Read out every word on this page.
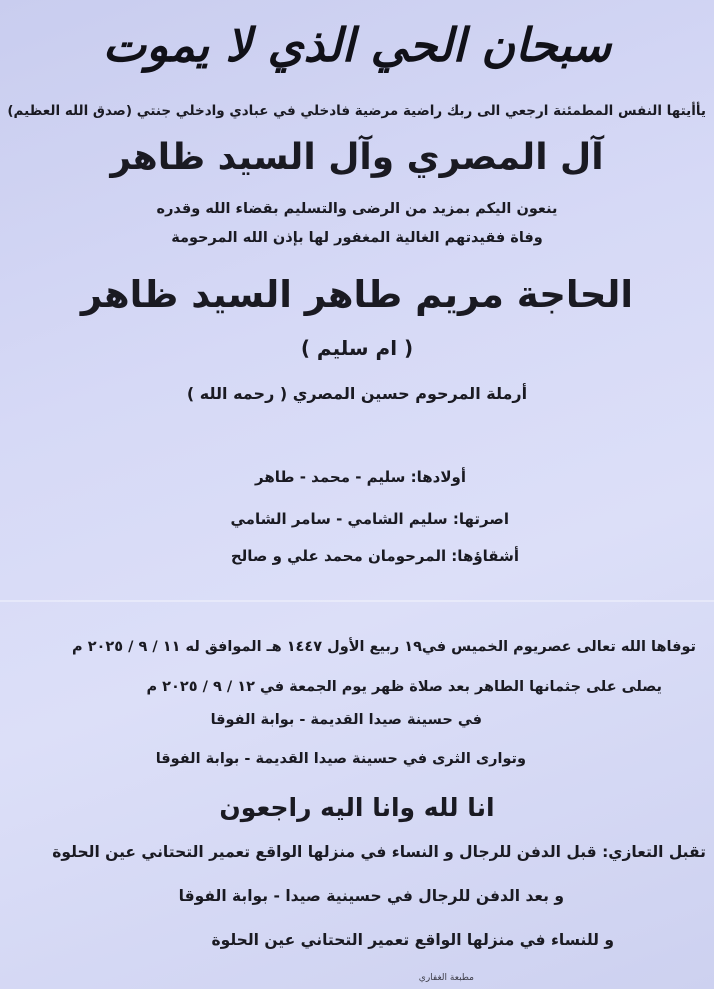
سبحان الحي الذي لا يموت
يأأيتها النفس المطمئنة ارجعي الى ربك راضية مرضية فادخلي في عبادي وادخلي جنتي (صدق الله العظيم)
آل المصري وآل السيد ظاهر
ينعون اليكم بمزيد من الرضى والتسليم بقضاء الله وقدره
وفاة فقيدتهم الغالية المغفور لها بإذن الله المرحومة
الحاجة مريم طاهر السيد ظاهر
( ام سليم )
أرملة المرحوم حسين المصري ( رحمه الله )
أولادها: سليم - محمد - طاهر
اصرتها: سليم الشامي - سامر الشامي
أشقاؤها: المرحومان محمد علي و صالح
توفاها الله تعالى عصريوم الخميس في١٩ ربيع الأول ١٤٤٧ هـ الموافق له ١١ / ٩ / ٢٠٢٥ م
يصلى على جثمانها الطاهر بعد صلاة ظهر يوم الجمعة في ١٢ / ٩ / ٢٠٢٥ م
في حسينة صيدا القديمة - بوابة الفوقا
وتوارى الثرى في حسينة صيدا القديمة - بوابة الفوقا
انا لله وانا اليه راجعون
تقبل التعازي: قبل الدفن للرجال و النساء في منزلها الواقع تعمير التحتاني عين الحلوة
و بعد الدفن للرجال في حسينية صيدا - بوابة الفوقا
و للنساء في منزلها الواقع تعمير التحتاني عين الحلوة
مطبعة الغفاري
